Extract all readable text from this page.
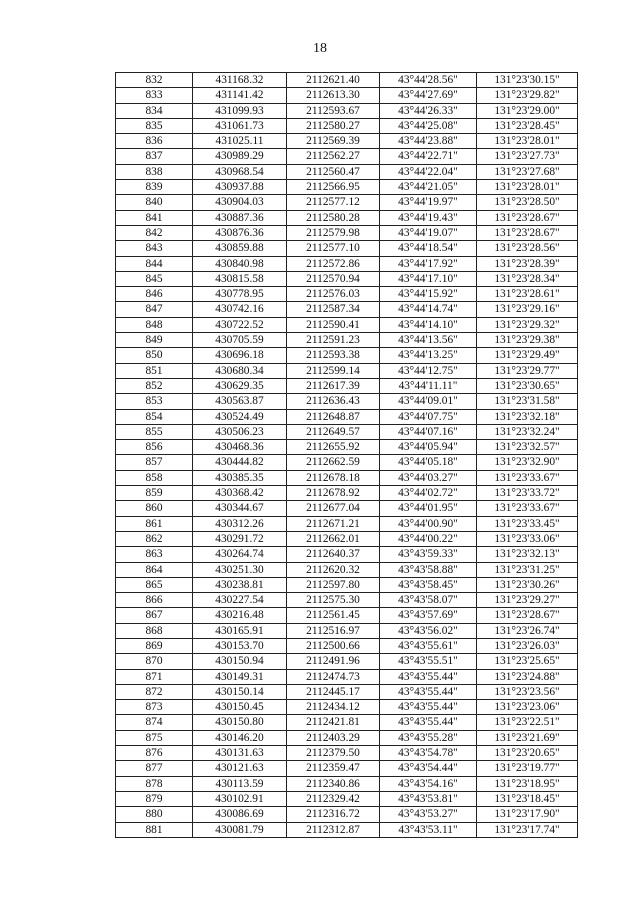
18
832	431168.32	2112621.40	43°44'28.56"	131°23'30.15"
833	431141.42	2112613.30	43°44'27.69"	131°23'29.82"
834	431099.93	2112593.67	43°44'26.33"	131°23'29.00"
835	431061.73	2112580.27	43°44'25.08"	131°23'28.45"
836	431025.11	2112569.39	43°44'23.88"	131°23'28.01"
837	430989.29	2112562.27	43°44'22.71"	131°23'27.73"
838	430968.54	2112560.47	43°44'22.04"	131°23'27.68"
839	430937.88	2112566.95	43°44'21.05"	131°23'28.01"
840	430904.03	2112577.12	43°44'19.97"	131°23'28.50"
841	430887.36	2112580.28	43°44'19.43"	131°23'28.67"
842	430876.36	2112579.98	43°44'19.07"	131°23'28.67"
843	430859.88	2112577.10	43°44'18.54"	131°23'28.56"
844	430840.98	2112572.86	43°44'17.92"	131°23'28.39"
845	430815.58	2112570.94	43°44'17.10"	131°23'28.34"
846	430778.95	2112576.03	43°44'15.92"	131°23'28.61"
847	430742.16	2112587.34	43°44'14.74"	131°23'29.16"
848	430722.52	2112590.41	43°44'14.10"	131°23'29.32"
849	430705.59	2112591.23	43°44'13.56"	131°23'29.38"
850	430696.18	2112593.38	43°44'13.25"	131°23'29.49"
851	430680.34	2112599.14	43°44'12.75"	131°23'29.77"
852	430629.35	2112617.39	43°44'11.11"	131°23'30.65"
853	430563.87	2112636.43	43°44'09.01"	131°23'31.58"
854	430524.49	2112648.87	43°44'07.75"	131°23'32.18"
855	430506.23	2112649.57	43°44'07.16"	131°23'32.24"
856	430468.36	2112655.92	43°44'05.94"	131°23'32.57"
857	430444.82	2112662.59	43°44'05.18"	131°23'32.90"
858	430385.35	2112678.18	43°44'03.27"	131°23'33.67"
859	430368.42	2112678.92	43°44'02.72"	131°23'33.72"
860	430344.67	2112677.04	43°44'01.95"	131°23'33.67"
861	430312.26	2112671.21	43°44'00.90"	131°23'33.45"
862	430291.72	2112662.01	43°44'00.22"	131°23'33.06"
863	430264.74	2112640.37	43°43'59.33"	131°23'32.13"
864	430251.30	2112620.32	43°43'58.88"	131°23'31.25"
865	430238.81	2112597.80	43°43'58.45"	131°23'30.26"
866	430227.54	2112575.30	43°43'58.07"	131°23'29.27"
867	430216.48	2112561.45	43°43'57.69"	131°23'28.67"
868	430165.91	2112516.97	43°43'56.02"	131°23'26.74"
869	430153.70	2112500.66	43°43'55.61"	131°23'26.03"
870	430150.94	2112491.96	43°43'55.51"	131°23'25.65"
871	430149.31	2112474.73	43°43'55.44"	131°23'24.88"
872	430150.14	2112445.17	43°43'55.44"	131°23'23.56"
873	430150.45	2112434.12	43°43'55.44"	131°23'23.06"
874	430150.80	2112421.81	43°43'55.44"	131°23'22.51"
875	430146.20	2112403.29	43°43'55.28"	131°23'21.69"
876	430131.63	2112379.50	43°43'54.78"	131°23'20.65"
877	430121.63	2112359.47	43°43'54.44"	131°23'19.77"
878	430113.59	2112340.86	43°43'54.16"	131°23'18.95"
879	430102.91	2112329.42	43°43'53.81"	131°23'18.45"
880	430086.69	2112316.72	43°43'53.27"	131°23'17.90"
881	430081.79	2112312.87	43°43'53.11"	131°23'17.74"
